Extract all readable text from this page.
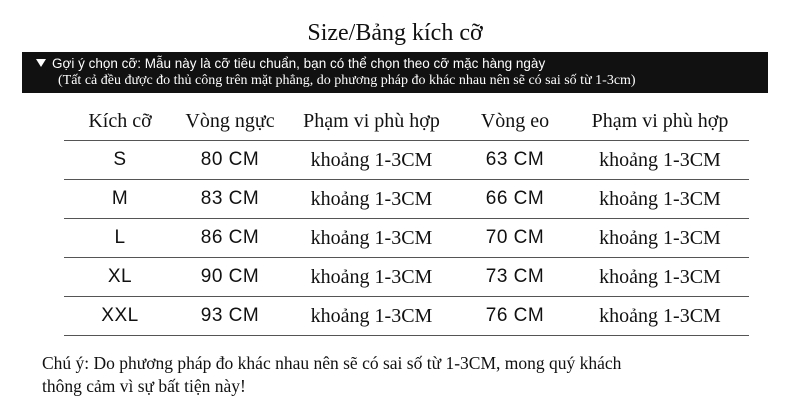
Size/Bảng kích cỡ
Gợi ý chọn cỡ: Mẫu này là cỡ tiêu chuẩn, bạn có thể chọn theo cỡ mặc hàng ngày
(Tất cả đều được đo thủ công trên mặt phẳng, do phương pháp đo khác nhau nên sẽ có sai số từ 1-3cm)
Kích cỡ	Vòng ngực	Phạm vi phù hợp	Vòng eo	Phạm vi phù hợp
S	80 CM	khoảng 1-3CM	63 CM	khoảng 1-3CM
M	83 CM	khoảng 1-3CM	66 CM	khoảng 1-3CM
L	86 CM	khoảng 1-3CM	70 CM	khoảng 1-3CM
XL	90 CM	khoảng 1-3CM	73 CM	khoảng 1-3CM
XXL	93 CM	khoảng 1-3CM	76 CM	khoảng 1-3CM
Chú ý: Do phương pháp đo khác nhau nên sẽ có sai số từ 1-3CM, mong quý khách
thông cảm vì sự bất tiện này!
